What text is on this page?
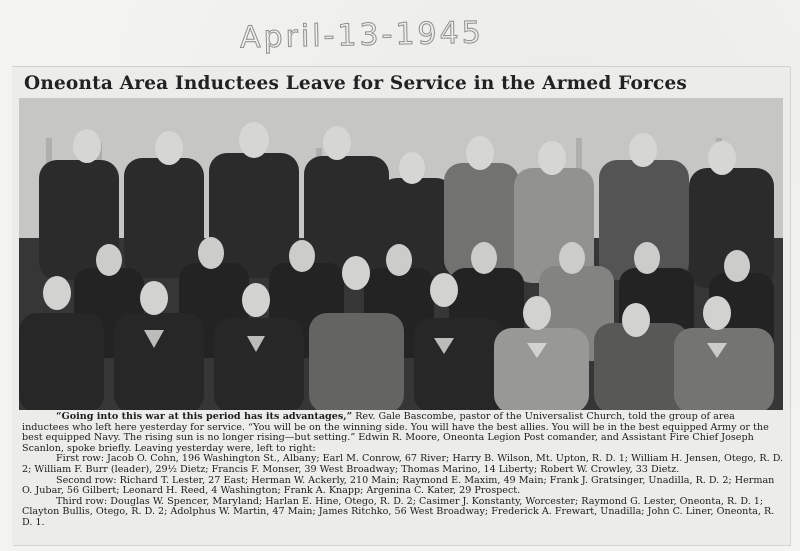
April-13-1945
Oneonta Area Inductees Leave for Service in the Armed Forces

“Going into this war at this period has its advantages,” Rev. Gale Bascombe, pastor of the Universalist Church, told the group of area inductees who left here yesterday for service. “You will be on the winning side. You will have the best allies. You will be in the best equipped Army or the best equipped Navy. The rising sun is no longer rising—but setting.” Edwin R. Moore, Oneonta Legion Post comander, and Assistant Fire Chief Joseph Scanlon, spoke briefly. Leaving yesterday were, left to right:

First row: Jacob O. Cohn, 196 Washington St., Albany; Earl M. Conrow, 67 River; Harry B. Wilson, Mt. Upton, R. D. 1; William H. Jensen, Otego, R. D. 2; William F. Burr (leader), 29½ Dietz; Francis F. Monser, 39 West Broadway; Thomas Marino, 14 Liberty; Robert W. Crowley, 33 Dietz.

Second row: Richard T. Lester, 27 East; Herman W. Ackerly, 210 Main; Raymond E. Maxim, 49 Main; Frank J. Gratsinger, Unadilla, R. D. 2; Herman O. Jubar, 56 Gilbert; Leonard H. Reed, 4 Washington; Frank A. Knapp; Argenina C. Kater, 29 Prospect.

Third row: Douglas W. Spencer, Maryland; Harlan E. Hine, Otego, R. D. 2; Casimer J. Konstanty, Worcester; Raymond G. Lester, Oneonta, R. D. 1; Clayton Bullis, Otego, R. D. 2; Adolphus W. Martin, 47 Main; James Ritchko, 56 West Broadway; Frederick A. Frewart, Unadilla; John C. Liner, Oneonta, R. D. 1.
